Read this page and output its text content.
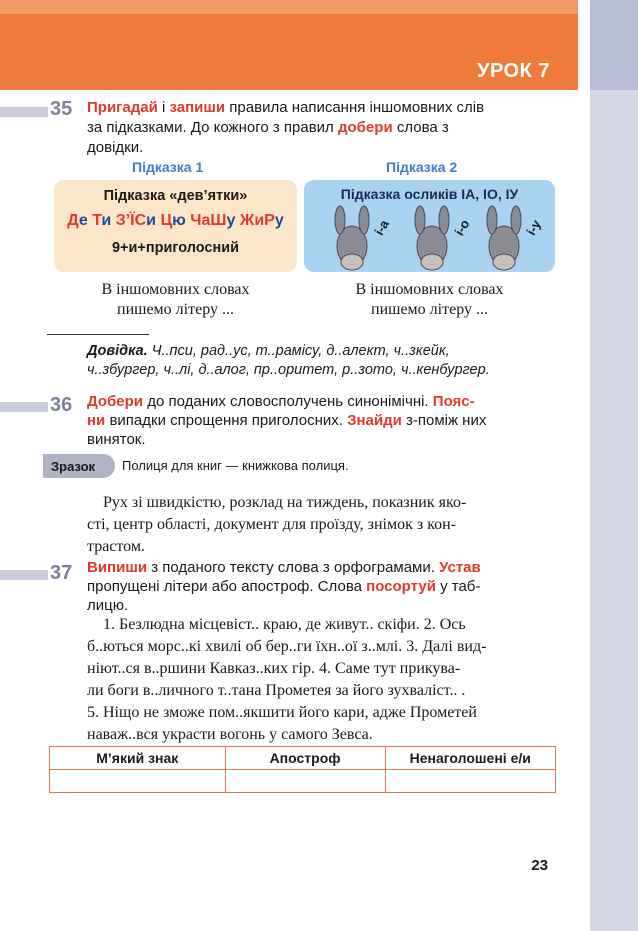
УРОК 7
35 Пригадай і запиши правила написання іншомовних слів
за підказками. До кожного з правил добери слова з
довідки.
Підказка 1	Підказка 2
Підказка «дев’ятки»
Де Ти З’ЇСи Цю ЧаШу ЖиРу
9+и+приголосний
Підказка осликів ІА, ІО, ІУ
і-а	і-о	і-у
В іншомовних словах
пишемо літеру ...
В іншомовних словах
пишемо літеру ...
Довідка. Ч..пси, рад..ус, т..рамісу, д..алект, ч..зкейк,
ч..збургер, ч..лі, д..алог, пр..оритет, р..зото, ч..кенбургер.
36 Добери до поданих словосполучень синонімічні. Пояс-
ни випадки спрощення приголосних. Знайди з-поміж них
виняток.
Зразок	Полиця для книг — книжкова полиця.
Рух зі швидкістю, розклад на тиждень, показник яко-
сті, центр області, документ для проїзду, знімок з кон-
трастом.
37 Випиши з поданого тексту слова з орфограмами. Устав
пропущені літери або апостроф. Слова посортуй у таб-
лицю.
1. Безлюдна місцевіст.. краю, де живут.. скіфи. 2. Ось
б..ються морс..кі хвилі об бер..ги їхн..ої з..млі. 3. Далі вид-
ніют..ся в..ршини Кавказ..ких гір. 4. Саме тут прикува-
ли боги в..личного т..тана Прометея за його зухваліст.. .
5. Ніщо не зможе пом..якшити його кари, адже Прометей
наваж..вся украсти вогонь у самого Зевса.
М’який знак	Апостроф	Ненаголошені е/и

23
